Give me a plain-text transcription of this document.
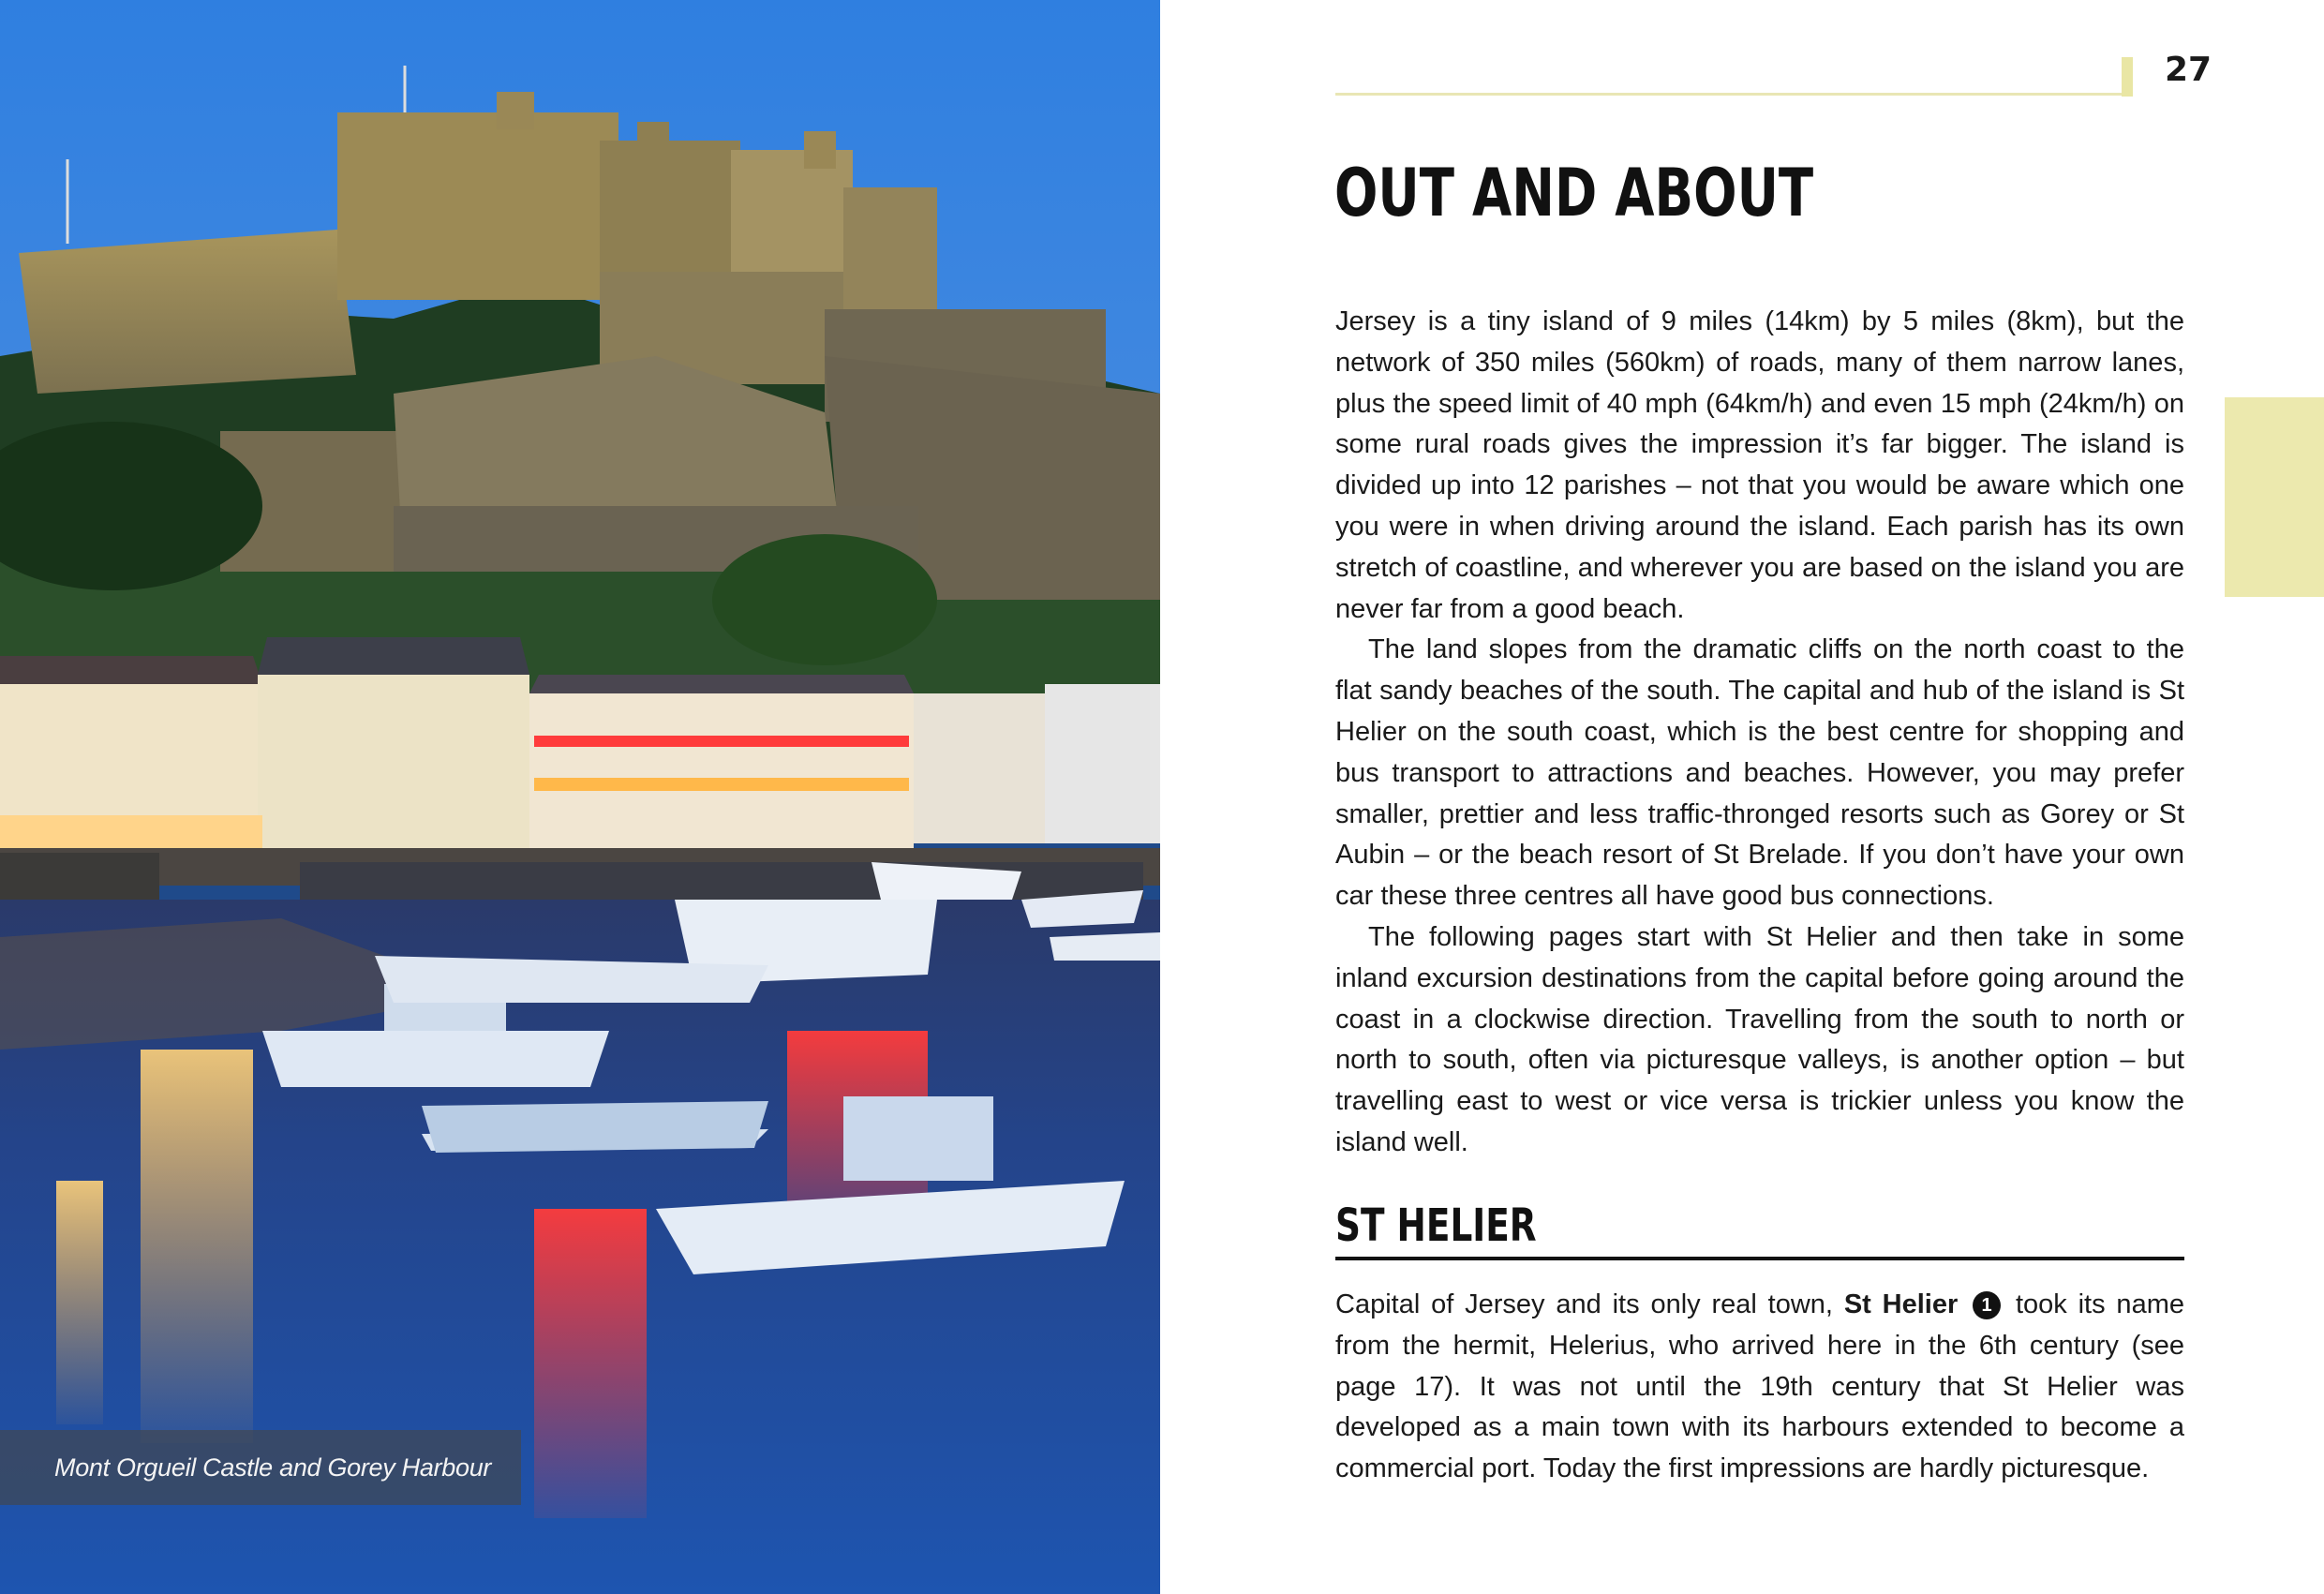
Mont Orgueil Castle and Gorey Harbour
27
OUT AND ABOUT

Jersey is a tiny island of 9 miles (14km) by 5 miles (8km), but the network of 350 miles (560km) of roads, many of them narrow lanes, plus the speed limit of 40 mph (64km/h) and even 15 mph (24km/h) on some rural roads gives the impression it’s far bigger. The island is divided up into 12 parishes – not that you would be aware which one you were in when driving around the island. Each parish has its own stretch of coastline, and wherever you are based on the island you are never far from a good beach.

The land slopes from the dramatic cliffs on the north coast to the flat sandy beaches of the south. The capital and hub of the island is St Helier on the south coast, which is the best centre for shopping and bus transport to attractions and beaches. However, you may prefer smaller, prettier and less traffic-thronged resorts such as Gorey or St Aubin – or the beach resort of St Brelade. If you don’t have your own car these three centres all have good bus connections.

The following pages start with St Helier and then take in some inland excursion destinations from the capital before going around the coast in a clockwise direction. Travelling from the south to north or north to south, often via picturesque valleys, is another option – but travelling east to west or vice versa is trickier unless you know the island well.

ST HELIER

Capital of Jersey and its only real town, St Helier 1 took its name from the hermit, Helerius, who arrived here in the 6th century (see page 17). It was not until the 19th century that St Helier was developed as a main town with its harbours extended to become a commercial port. Today the first impressions are hardly picturesque.
